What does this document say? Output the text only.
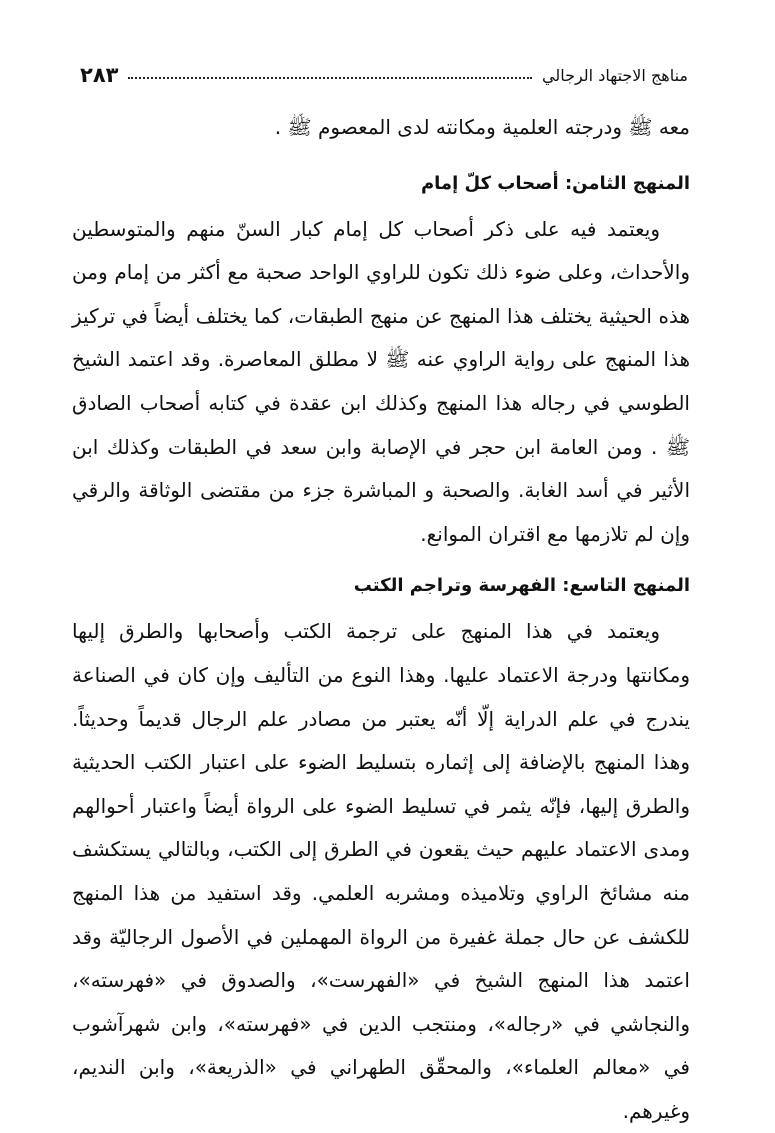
مناهج الاجتهاد الرجالي
٢٨٣

معه ﷺ ودرجته العلمية ومكانته لدى المعصوم ﷺ .

المنهج الثامن: أصحاب كلّ إمام

ويعتمد فيه على ذكر أصحاب كل إمام كبار السنّ منهم والمتوسطين والأحداث، وعلى ضوء ذلك تكون للراوي الواحد صحبة مع أكثر من إمام ومن هذه الحيثية يختلف هذا المنهج عن منهج الطبقات، كما يختلف أيضاً في تركيز هذا المنهج على رواية الراوي عنه ﷺ لا مطلق المعاصرة. وقد اعتمد الشيخ الطوسي في رجاله هذا المنهج وكذلك ابن عقدة في كتابه أصحاب الصادق ﷺ . ومن العامة ابن حجر في الإصابة وابن سعد في الطبقات وكذلك ابن الأثير في أسد الغابة. والصحبة و المباشرة جزء من مقتضى الوثاقة والرقي وإن لم تلازمها مع اقتران الموانع.

المنهج التاسع: الفهرسة وتراجم الكتب

ويعتمد في هذا المنهج على ترجمة الكتب وأصحابها والطرق إليها ومكانتها ودرجة الاعتماد عليها. وهذا النوع من التأليف وإن كان في الصناعة يندرج في علم الدراية إلّا أنّه يعتبر من مصادر علم الرجال قديماً وحديثاً. وهذا المنهج بالإضافة إلى إثماره بتسليط الضوء على اعتبار الكتب الحديثية والطرق إليها، فإنّه يثمر في تسليط الضوء على الرواة أيضاً واعتبار أحوالهم ومدى الاعتماد عليهم حيث يقعون في الطرق إلى الكتب، وبالتالي يستكشف منه مشائخ الراوي وتلاميذه ومشربه العلمي. وقد استفيد من هذا المنهج للكشف عن حال جملة غفيرة من الرواة المهملين في الأصول الرجاليّة وقد اعتمد هذا المنهج الشيخ في «الفهرست»، والصدوق في «فهرسته»، والنجاشي في «رجاله»، ومنتجب الدين في «فهرسته»، وابن شهرآشوب في «معالم العلماء»، والمحقّق الطهراني في «الذريعة»، وابن النديم، وغيرهم.
